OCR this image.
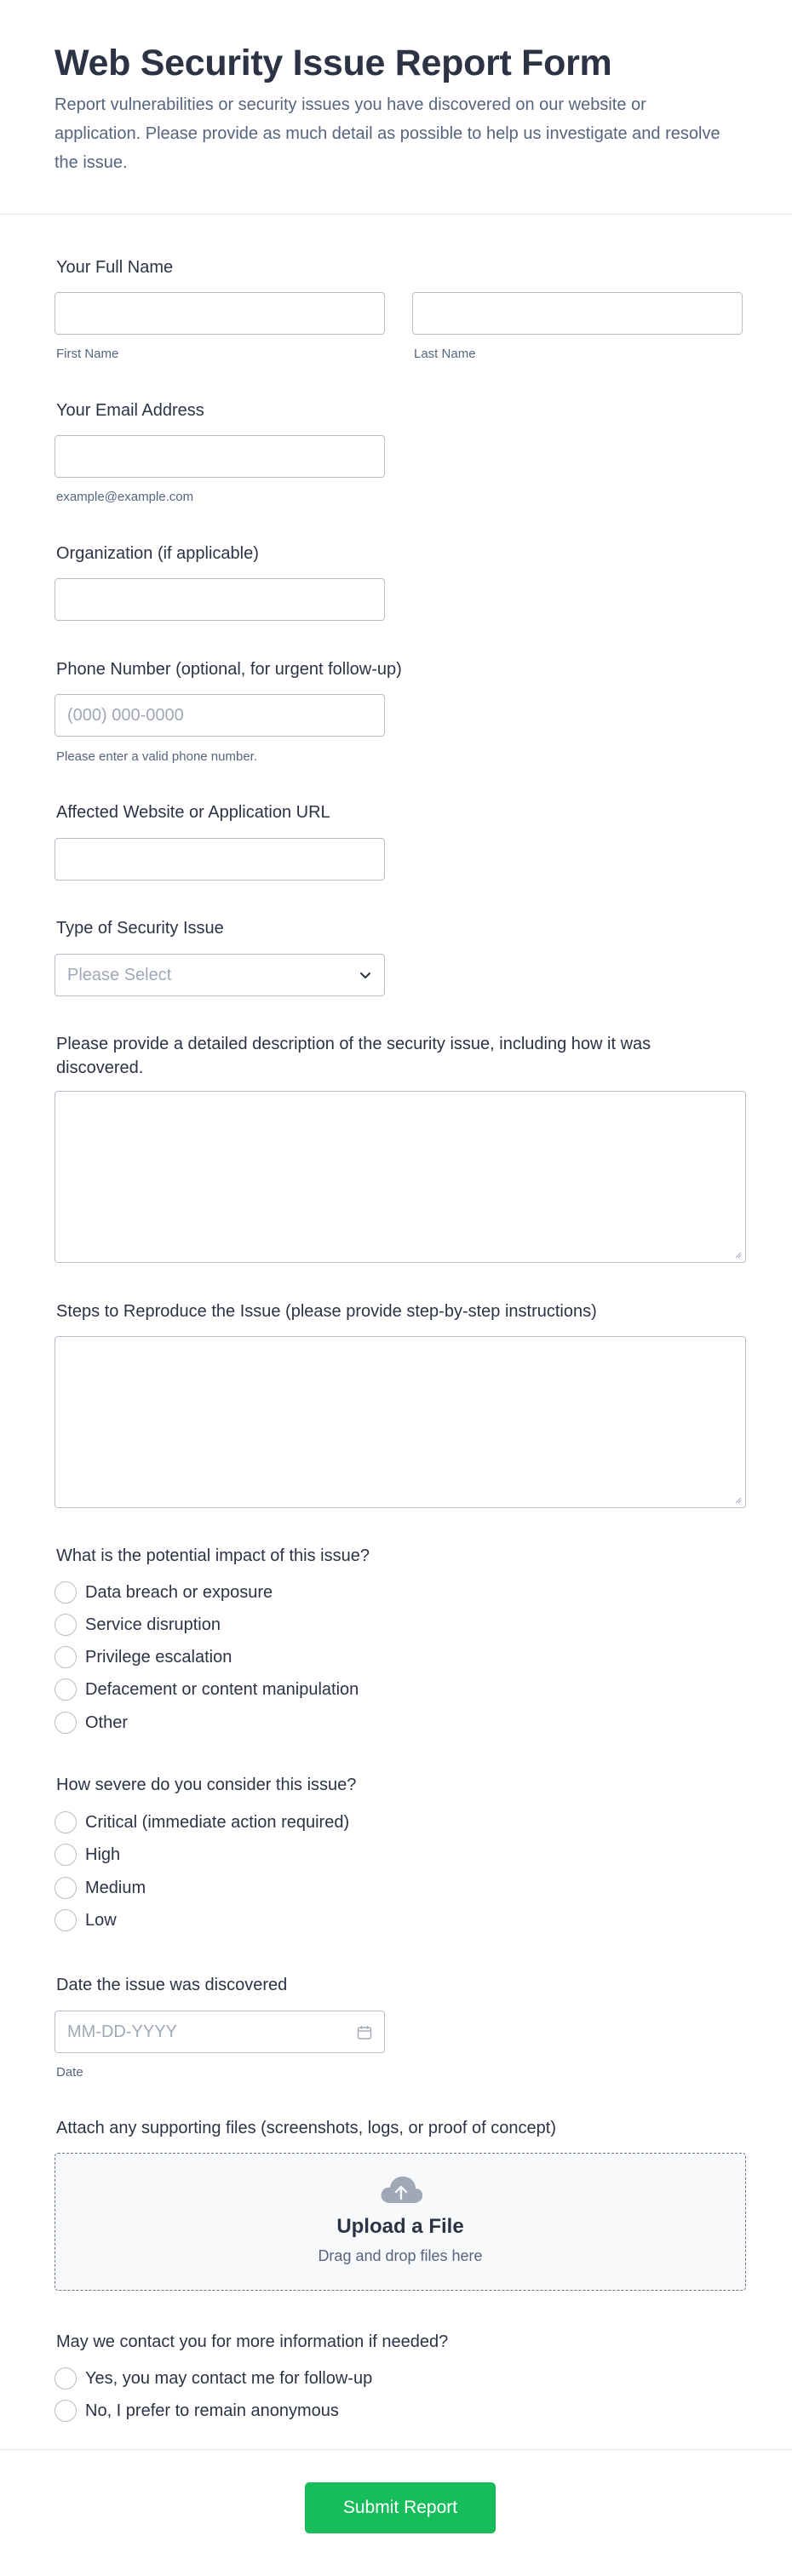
Web Security Issue Report Form

Report vulnerabilities or security issues you have discovered on our website or application. Please provide as much detail as possible to help us investigate and resolve the issue.

Your Full Name
First Name	Last Name
Your Email Address
example@example.com
Organization (if applicable)
Phone Number (optional, for urgent follow-up)
(000) 000-0000
Please enter a valid phone number.
Affected Website or Application URL
Type of Security Issue
Please Select
Please provide a detailed description of the security issue, including how it was discovered.
Steps to Reproduce the Issue (please provide step-by-step instructions)
What is the potential impact of this issue?
Data breach or exposure
Service disruption
Privilege escalation
Defacement or content manipulation
Other
How severe do you consider this issue?
Critical (immediate action required)
High
Medium
Low
Date the issue was discovered
MM-DD-YYYY
Date
Attach any supporting files (screenshots, logs, or proof of concept)
Upload a File
Drag and drop files here
May we contact you for more information if needed?
Yes, you may contact me for follow-up
No, I prefer to remain anonymous
Submit Report
